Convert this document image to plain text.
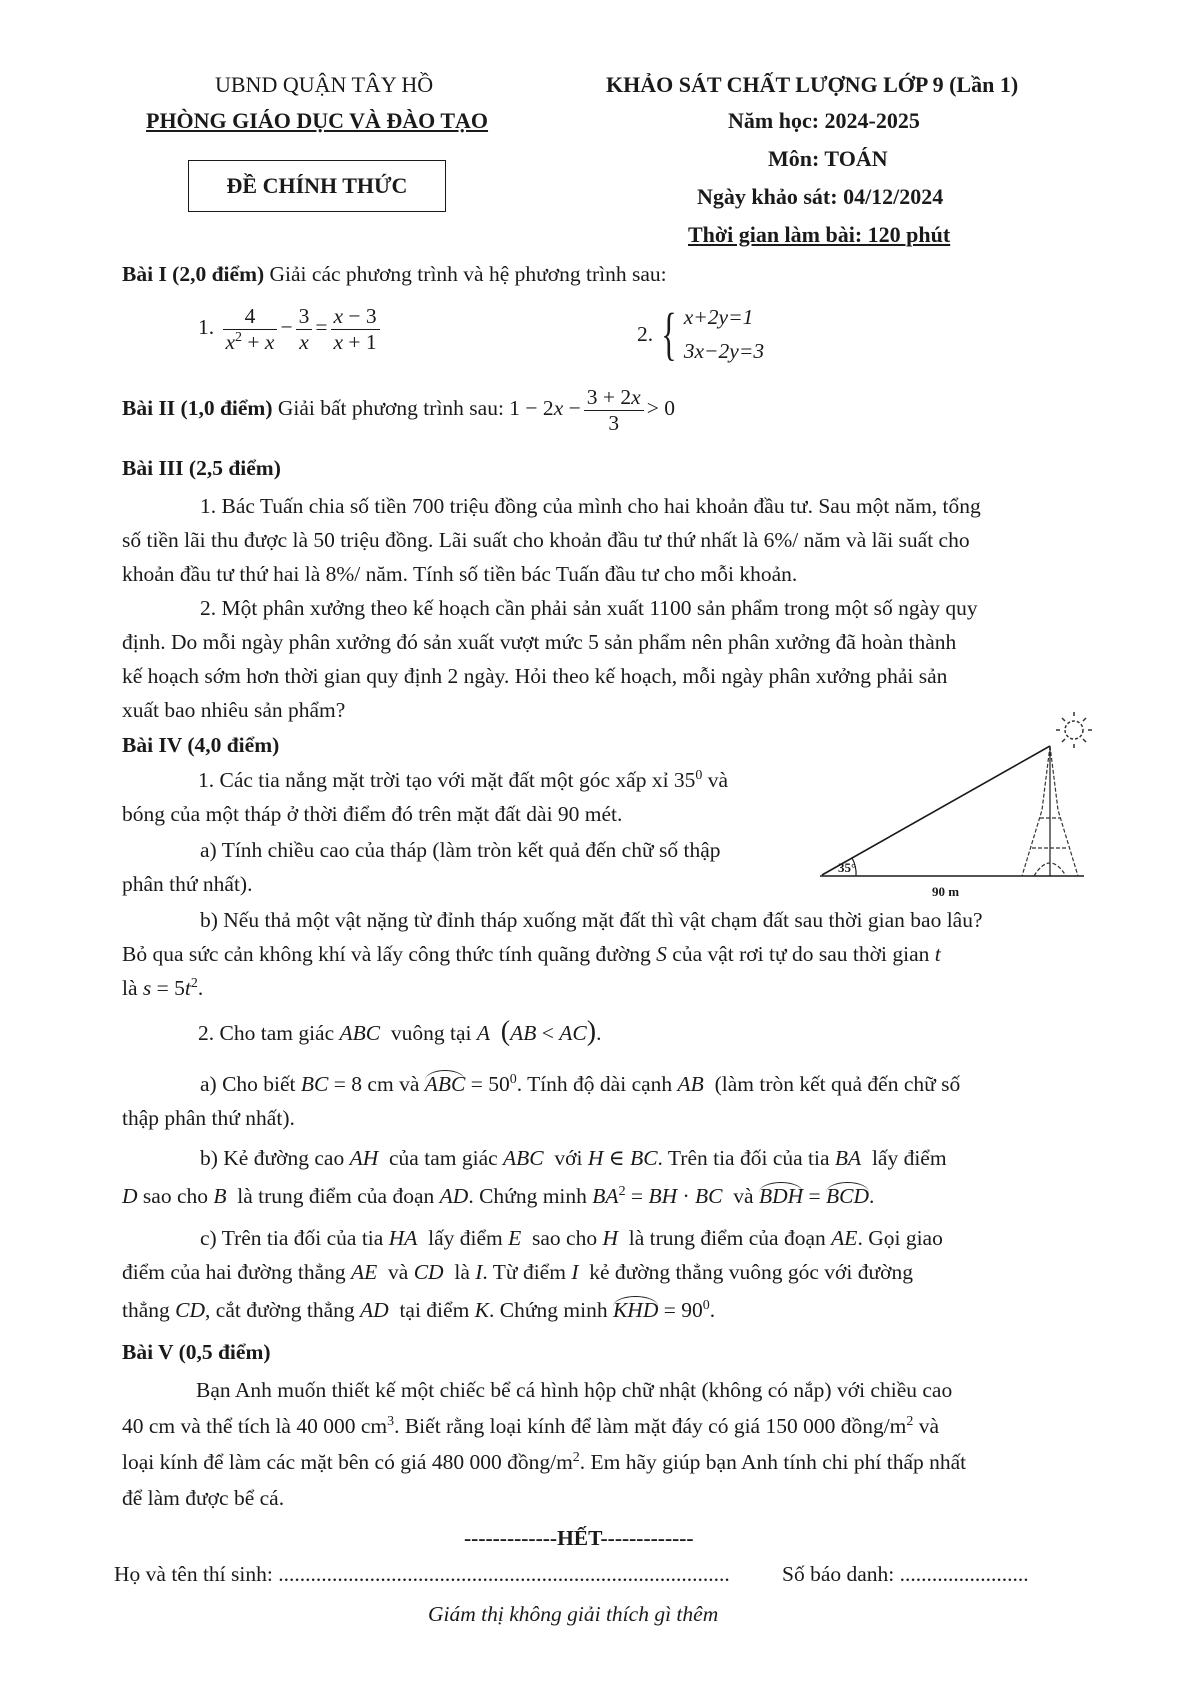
UBND QUẬN TÂY HỒ
PHÒNG GIÁO DỤC VÀ ĐÀO TẠO
ĐỀ CHÍNH THỨC
KHẢO SÁT CHẤT LƯỢNG LỚP 9 (Lần 1)
Năm học: 2024-2025
Môn: TOÁN
Ngày khảo sát: 04/12/2024
Thời gian làm bài: 120 phút
Bài I (2,0 điểm) Giải các phương trình và hệ phương trình sau:
1. $\frac{4}{x^2 + x} - \frac{3}{x} = \frac{x - 3}{x + 1}$	2. { x+2y=1
3x−2y=3
Bài II (1,0 điểm) Giải bất phương trình sau: $1 - 2x - \frac{3 + 2x}{3} > 0$
Bài III (2,5 điểm)
1. Bác Tuấn chia số tiền 700 triệu đồng của mình cho hai khoản đầu tư. Sau một năm, tổng
số tiền lãi thu được là 50 triệu đồng. Lãi suất cho khoản đầu tư thứ nhất là 6%/ năm và lãi suất cho
khoản đầu tư thứ hai là 8%/ năm. Tính số tiền bác Tuấn đầu tư cho mỗi khoản.
2. Một phân xưởng theo kế hoạch cần phải sản xuất 1100 sản phẩm trong một số ngày quy
định. Do mỗi ngày phân xưởng đó sản xuất vượt mức 5 sản phẩm nên phân xưởng đã hoàn thành
kế hoạch sớm hơn thời gian quy định 2 ngày. Hỏi theo kế hoạch, mỗi ngày phân xưởng phải sản
xuất bao nhiêu sản phẩm?
Bài IV (4,0 điểm)
1. Các tia nắng mặt trời tạo với mặt đất một góc xấp xỉ $35^0$ và
bóng của một tháp ở thời điểm đó trên mặt đất dài 90 mét.
a) Tính chiều cao của tháp (làm tròn kết quả đến chữ số thập
phân thứ nhất).
35°
90 m
b) Nếu thả một vật nặng từ đỉnh tháp xuống mặt đất thì vật chạm đất sau thời gian bao lâu?
Bỏ qua sức cản không khí và lấy công thức tính quãng đường S của vật rơi tự do sau thời gian t
là $s = 5t^2$.
2. Cho tam giác ABC vuông tại A (AB < AC).
a) Cho biết BC = 8 cm và ABC = $50^0$. Tính độ dài cạnh AB (làm tròn kết quả đến chữ số
thập phân thứ nhất).
b) Kẻ đường cao AH của tam giác ABC với H ∈ BC. Trên tia đối của tia BA lấy điểm
D sao cho B là trung điểm của đoạn AD. Chứng minh $BA^2$ = BH · BC và BDH = BCD.
c) Trên tia đối của tia HA lấy điểm E sao cho H là trung điểm của đoạn AE. Gọi giao
điểm của hai đường thẳng AE và CD là I. Từ điểm I kẻ đường thẳng vuông góc với đường
thẳng CD, cắt đường thẳng AD tại điểm K. Chứng minh KHD = $90^0$.
Bài V (0,5 điểm)
Bạn Anh muốn thiết kế một chiếc bể cá hình hộp chữ nhật (không có nắp) với chiều cao
40 cm và thể tích là 40 000 $cm^3$. Biết rằng loại kính để làm mặt đáy có giá 150 000 đồng/$m^2$ và
loại kính để làm các mặt bên có giá 480 000 đồng/$m^2$. Em hãy giúp bạn Anh tính chi phí thấp nhất
để làm được bể cá.
-------------HẾT-------------
Họ và tên thí sinh: .................................................................................... Số báo danh: ........................
Giám thị không giải thích gì thêm
